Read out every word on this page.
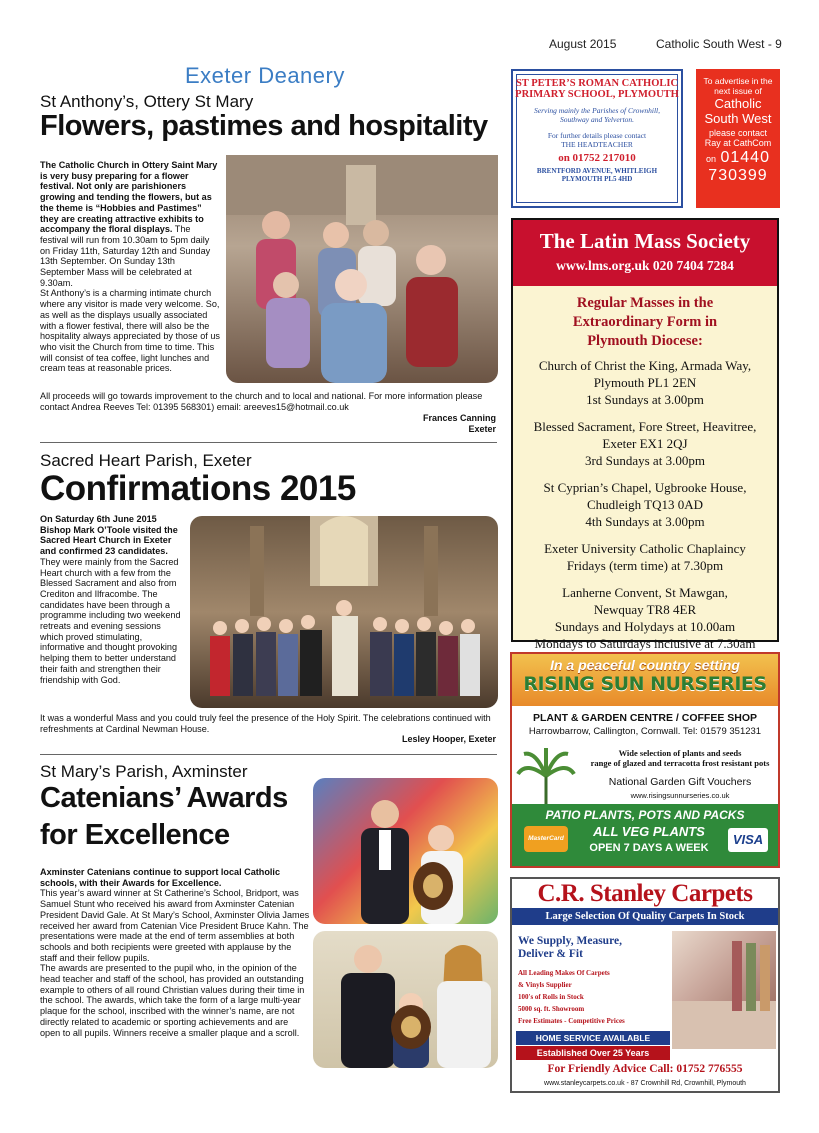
August 2015	Catholic South West - 9
Exeter Deanery
St Anthony’s, Ottery St Mary
Flowers, pastimes and hospitality
The Catholic Church in Ottery Saint Mary is very busy preparing for a flower festival. Not only are parishioners growing and tending the flowers, but as the theme is “Hobbies and Pastimes” they are creating attractive exhibits to accompany the floral displays. The festival will run from 10.30am to 5pm daily on Friday 11th, Saturday 12th and Sunday 13th September. On Sunday 13th September Mass will be celebrated at 9.30am.
St Anthony’s is a charming intimate church where any visitor is made very welcome. So, as well as the displays usually associated with a flower festival, there will also be the hospitality always appreciated by those of us who visit the Church from time to time. This will consist of tea coffee, light lunches and cream teas at reasonable prices.
All proceeds will go towards improvement to the church and to local and national. For more information please contact Andrea Reeves Tel: 01395 568301) email: areeves15@hotmail.co.uk
Frances Canning
Exeter
Sacred Heart Parish, Exeter
Confirmations 2015
On Saturday 6th June 2015 Bishop Mark O’Toole visited the Sacred Heart Church in Exeter and confirmed 23 candidates. They were mainly from the Sacred Heart church with a few from the Blessed Sacrament and also from Crediton and Ilfracombe. The candidates have been through a programme including two weekend retreats and evening sessions which proved stimulating, informative and thought provoking helping them to better understand their faith and strengthen their friendship with God.
It was a wonderful Mass and you could truly feel the presence of the Holy Spirit. The celebrations continued with refreshments at Cardinal Newman House.
Lesley Hooper, Exeter
St Mary’s Parish, Axminster
Catenians’ Awards
for Excellence
Axminster Catenians continue to support local Catholic schools, with their Awards for Excellence.
This year’s award winner at St Catherine’s School, Bridport, was Samuel Stunt who received his award from Axminster Catenian President David Gale. At St Mary’s School, Axminster Olivia James received her award from Catenian Vice President Bruce Kahn. The presentations were made at the end of term assemblies at both schools and both recipients were greeted with applause by the staff and their fellow pupils.
The awards are presented to the pupil who, in the opinion of the head teacher and staff of the school, has provided an outstanding example to others of all round Christian values during their time in the school. The awards, which take the form of a large multi-year plaque for the school, inscribed with the winner’s name, are not directly related to academic or sporting achievements and are open to all pupils. Winners receive a smaller plaque and a scroll.
ST PETER’S ROMAN CATHOLIC
PRIMARY SCHOOL, PLYMOUTH
Serving mainly the Parishes of Crownhill,
Southway and Yelverton.
For further details please contact
THE HEADTEACHER
on 01752 217010
BRENTFORD AVENUE, WHITLEIGH
PLYMOUTH PL5 4HD
To advertise in the
next issue of
Catholic
South West
please contact
Ray at CathCom
on 01440
730399
The Latin Mass Society
www.lms.org.uk 020 7404 7284
Regular Masses in the
Extraordinary Form in
Plymouth Diocese:
Church of Christ the King, Armada Way,
Plymouth PL1 2EN
1st Sundays at 3.00pm
Blessed Sacrament, Fore Street, Heavitree,
Exeter EX1 2QJ
3rd Sundays at 3.00pm
St Cyprian’s Chapel, Ugbrooke House,
Chudleigh TQ13 0AD
4th Sundays at 3.00pm
Exeter University Catholic Chaplaincy
Fridays (term time) at 7.30pm
Lanherne Convent, St Mawgan,
Newquay TR8 4ER
Sundays and Holydays at 10.00am
Mondays to Saturdays inclusive at 7.30am
In a peaceful country setting
RISING SUN NURSERIES
PLANT & GARDEN CENTRE / COFFEE SHOP
Harrowbarrow, Callington, Cornwall. Tel: 01579 351231
Wide selection of plants and seeds
range of glazed and terracotta frost resistant pots
National Garden Gift Vouchers
www.risingsunnurseries.co.uk
PATIO PLANTS, POTS AND PACKS
MasterCard	ALL VEG PLANTS
OPEN 7 DAYS A WEEK
VISA
C.R. Stanley Carpets
Large Selection Of Quality Carpets In Stock
We Supply, Measure,
Deliver & Fit
All Leading Makes Of Carpets
& Vinyls Supplier
100's of Rolls in Stock
5000 sq. ft. Showroom
Free Estimates - Competitive Prices
HOME SERVICE AVAILABLE
Established Over 25 Years
For Friendly Advice Call: 01752 776555
www.stanleycarpets.co.uk - 87 Crownhill Rd, Crownhill, Plymouth
